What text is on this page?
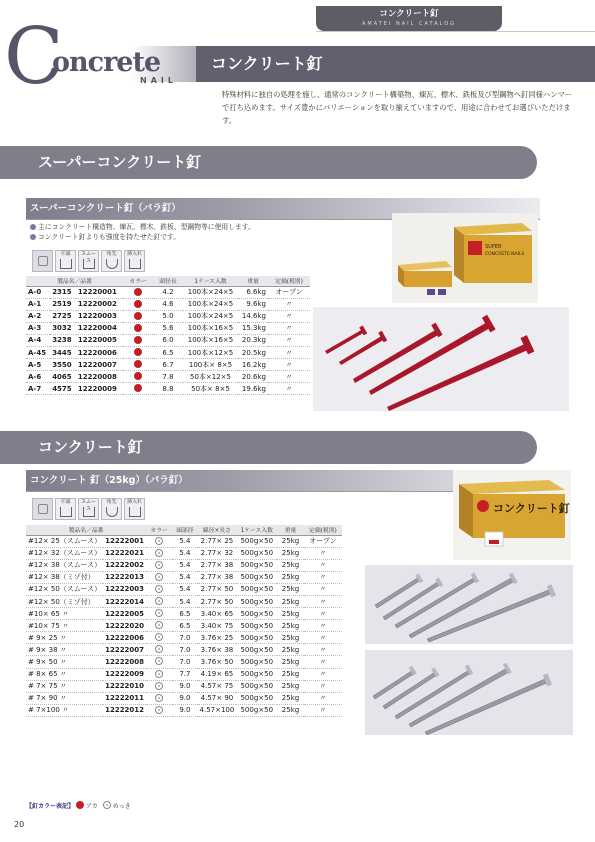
コンクリート釘
AMATEI NAIL CATALOG
C
oncrete
NAIL
コンクリート釘
特殊材料に独自の処理を施し、通常のコンクリート構築物、煉瓦、標木、鉄板及び型鋼物へ釘同様ハンマーで打ち込めます。サイズ豊かにバリエーションを取り揃えていますので、用途に合わせてお選びいただけます。
スーパーコンクリート釘
スーパーコンクリート釘（バラ釘）
主にコンクリート構造物、煉瓦、標木、鉄板、型鋼物等に使用します。
コンクリート釘よりも強度を持たせた釘です。
平頭	スムース
角先	挿入れ
製品名／品番			カラー	頭径長	1ケース入数	重量	定価(税別)
A-0	2315	12220001		4.2	100本×24×5	6.6kg	オープン
A-1	2519	12220002		4.6	100本×24×5	9.6kg	〃
A-2	2725	12220003		5.0	100本×24×5	14.6kg	〃
A-3	3032	12220004		5.6	100本×16×5	15.3kg	〃
A-4	3238	12220005		6.0	100本×16×5	20.3kg	〃
A-45	3445	12220006		6.5	100本×12×5	20.5kg	〃
A-5	3550	12220007		6.7	100本× 8×5	16.2kg	〃
A-6	4065	12220008		7.8	50本×12×5	20.6kg	〃
A-7	4575	12220009		8.8	50本× 8×5	19.6kg	〃
SUPER
CONCRETE NAILS
コンクリート釘
コンクリート 釘（25kg）（バラ釘）
平頭	スムース
角先	挿入れ
製品名／品番		カラー	頭部径	線径×長さ	1ケース入数	重量	定価(税別)
#12× 25（スムース）	12222001		5.4	2.77× 25	500g×50	25kg	オープン
#12× 32（スムース）	12222021		5.4	2.77× 32	500g×50	25kg	〃
#12× 38（スムース）	12222002		5.4	2.77× 38	500g×50	25kg	〃
#12× 38（ミゾ付）	12222013		5.4	2.77× 38	500g×50	25kg	〃
#12× 50（スムース）	12222003		5.4	2.77× 50	500g×50	25kg	〃
#12× 50（ミゾ付）	12222014		5.4	2.77× 50	500g×50	25kg	〃
#10× 65 〃	12222005		6.5	3.40× 65	500g×50	25kg	〃
#10× 75 〃	12222020		6.5	3.40× 75	500g×50	25kg	〃
# 9× 25 〃	12222006		7.0	3.76× 25	500g×50	25kg	〃
# 9× 38 〃	12222007		7.0	3.76× 38	500g×50	25kg	〃
# 9× 50 〃	12222008		7.0	3.76× 50	500g×50	25kg	〃
# 8× 65 〃	12222009		7.7	4.19× 65	500g×50	25kg	〃
# 7× 75 〃	12222010		9.0	4.57× 75	500g×50	25kg	〃
# 7× 90 〃	12222011		9.0	4.57× 90	500g×50	25kg	〃
# 7×100 〃	12222012		9.0	4.57×100	500g×50	25kg	〃
コンクリート釘
【釘カラー表記】 アカ めっき
20
